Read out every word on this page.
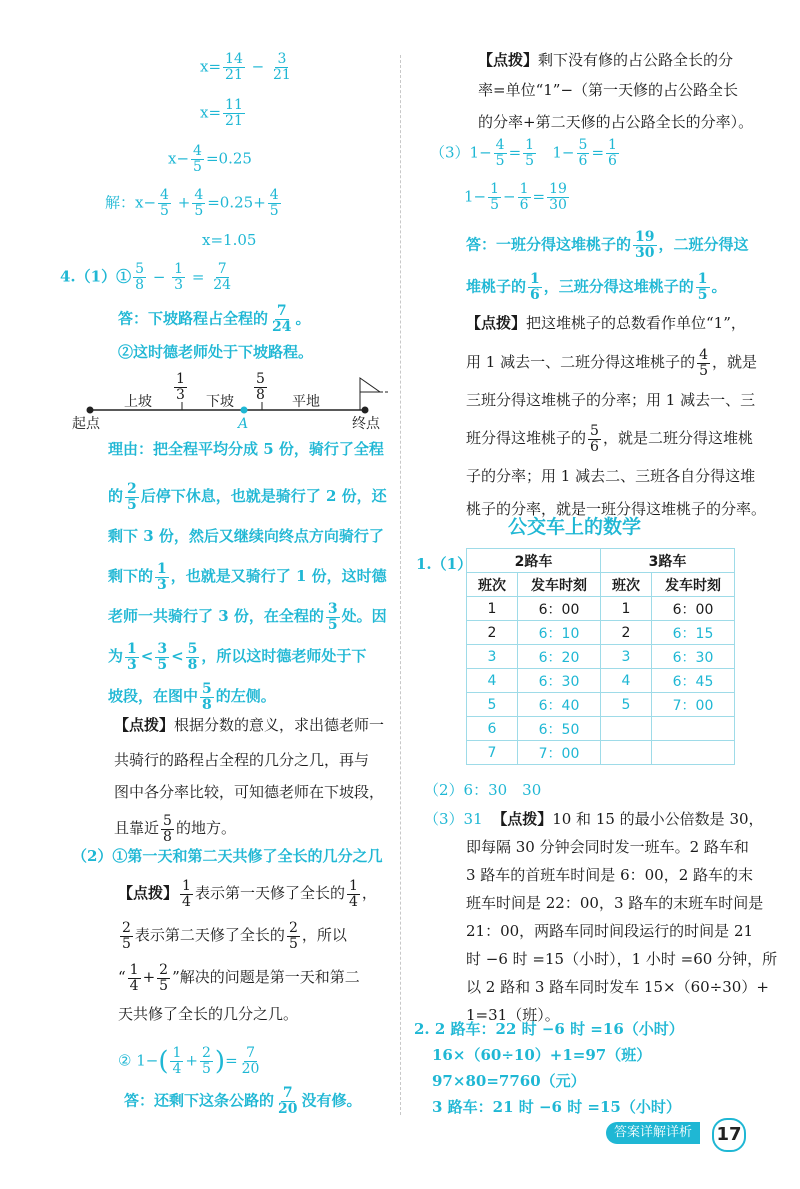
$x= \frac{14}{21} - \frac{3}{21}$
$x= \frac{11}{21}$
$x- \frac{4}{5} =0.25$
解：$x- \frac{4}{5} + \frac{4}{5} =0.25+ \frac{4}{5}$
x=1.05
4.（1）① $\frac{5}{8} - \frac{1}{3} = \frac{7}{24}$
答：下坡路程占全程的 $\frac{7}{24}$ 。
②这时德老师处于下坡路程。
上坡	下坡	平地
起点	终点
A
$\frac{1}{3}$	$\frac{5}{8}$
理由：把全程平均分成 5 份，骑行了全程
的 $\frac{2}{5}$ 后停下休息，也就是骑行了 2 份，还
剩下 3 份，然后又继续向终点方向骑行了
剩下的 $\frac{1}{3}$ ，也就是又骑行了 1 份，这时德
老师一共骑行了 3 份，在全程的 $\frac{3}{5}$ 处。因
为 $\frac{1}{3} < \frac{3}{5} < \frac{5}{8}$ ，所以这时德老师处于下
坡段，在图中 $\frac{5}{8}$ 的左侧。
【点拨】根据分数的意义，求出德老师一
共骑行的路程占全程的几分之几，再与
图中各分率比较，可知德老师在下坡段，
且靠近 $\frac{5}{8}$ 的地方。
（2）①第一天和第二天共修了全长的几分之几
【点拨】 $\frac{1}{4}$ 表示第一天修了全长的 $\frac{1}{4}$ ，
$\frac{2}{5}$ 表示第二天修了全长的 $\frac{2}{5}$ ，所以
“ $\frac{1}{4} + \frac{2}{5}$ ”解决的问题是第一天和第二
天共修了全长的几分之几。
② $1-( \frac{1}{4} + \frac{2}{5}$ )= $\frac{7}{20}$
答：还剩下这条公路的 $\frac{7}{20}$ 没有修。
【点拨】剩下没有修的占公路全长的分
率=单位“1”−（第一天修的占公路全长
的分率+第二天修的占公路全长的分率）。
$(3)1- \frac{4}{5} = \frac{1}{5} 1- \frac{5}{6} = \frac{1}{6}$
$1- \frac{1}{5} - \frac{1}{6} = \frac{19}{30}$
答：一班分得这堆桃子的 $\frac{19}{30}$ ，二班分得这
堆桃子的 $\frac{1}{6}$ ，三班分得这堆桃子的 $\frac{1}{5}$ 。
【点拨】把这堆桃子的总数看作单位“1”，
用 1 减去一、二班分得这堆桃子的 $\frac{4}{5}$ ，就是
三班分得这堆桃子的分率；用 1 减去一、三
班分得这堆桃子的 $\frac{5}{6}$ ，就是二班分得这堆桃
子的分率；用 1 减去二、三班各自分得这堆
桃子的分率，就是一班分得这堆桃子的分率。
公交车上的数学
1.（1）	2路车		3路车	
班次	发车时刻	班次	发车时刻
1	6：00	1	6：00
2	6：10	2	6：15
3	6：20	3	6：30
4	6：30	4	6：45
5	6：40	5	7：00
6	6：50		
7	7：00		
（2）6：30　30
（3）31 【点拨】10 和 15 的最小公倍数是 30，
即每隔 30 分钟会同时发一班车。2 路车和
3 路车的首班车时间是 6：00，2 路车的末
班车时间是 22：00，3 路车的末班车时间是
21：00，两路车同时间段运行的时间是 21
时 −6 时 =15（小时），1 小时 =60 分钟，所
以 2 路和 3 路车同时发车 15×（60÷30）+
1=31（班）。
2. 2 路车：22 时 −6 时 =16（小时）
16×（60÷10）+1=97（班）
97×80=7760（元）
3 路车：21 时 −6 时 =15（小时）
答案详解详析	17
